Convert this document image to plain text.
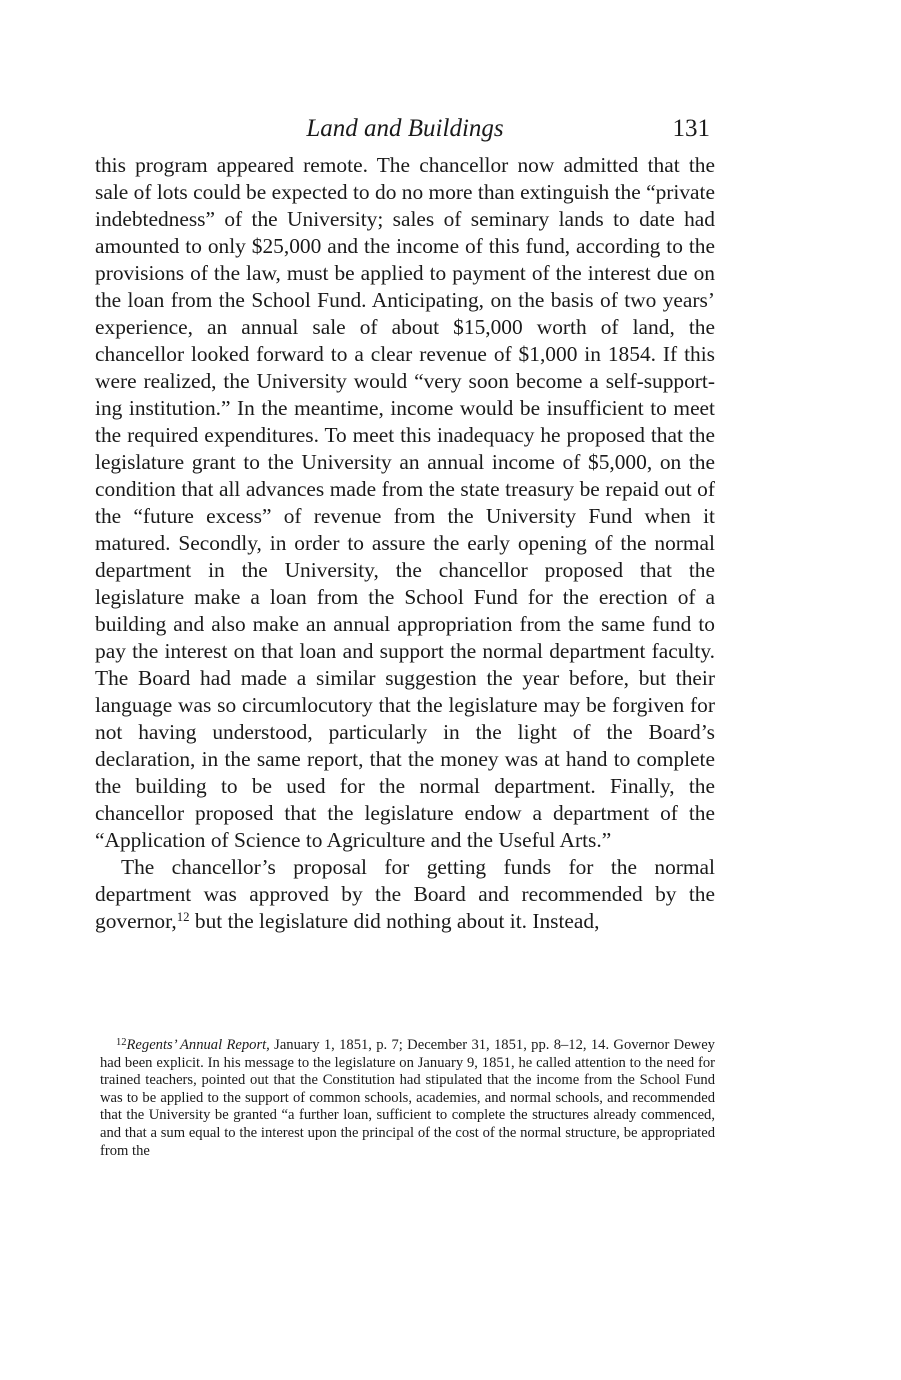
Land and Buildings	131

this program appeared remote. The chancellor now admitted that the sale of lots could be expected to do no more than extinguish the “private indebtedness” of the University; sales of seminary lands to date had amounted to only $25,000 and the income of this fund, according to the provisions of the law, must be applied to payment of the interest due on the loan from the School Fund. Anticipating, on the basis of two years’ experience, an annual sale of about $15,000 worth of land, the chancellor looked forward to a clear revenue of $1,000 in 1854. If this were realized, the University would “very soon become a self-supporting institution.” In the meantime, income would be insufficient to meet the required expenditures. To meet this inadequacy he proposed that the legislature grant to the University an annual income of $5,000, on the condition that all advances made from the state treasury be repaid out of the “future excess” of revenue from the University Fund when it matured. Secondly, in order to assure the early opening of the normal department in the University, the chancellor proposed that the legislature make a loan from the School Fund for the erection of a building and also make an annual appropriation from the same fund to pay the interest on that loan and support the normal department faculty. The Board had made a similar suggestion the year before, but their language was so circumlocutory that the legislature may be forgiven for not having understood, particularly in the light of the Board’s declaration, in the same report, that the money was at hand to complete the building to be used for the normal department. Finally, the chancellor proposed that the legislature endow a department of the “Application of Science to Agriculture and the Useful Arts.”

The chancellor’s proposal for getting funds for the normal department was approved by the Board and recommended by the governor,$^{12}$ but the legislature did nothing about it. Instead,

$^{12}$Regents’ Annual Report, January 1, 1851, p. 7; December 31, 1851, pp. 8–12, 14. Governor Dewey had been explicit. In his message to the legislature on January 9, 1851, he called attention to the need for trained teachers, pointed out that the Constitution had stipulated that the income from the School Fund was to be applied to the support of common schools, academies, and normal schools, and recommended that the University be granted “a further loan, sufficient to complete the structures already commenced, and that a sum equal to the interest upon the principal of the cost of the normal structure, be appropriated from the
